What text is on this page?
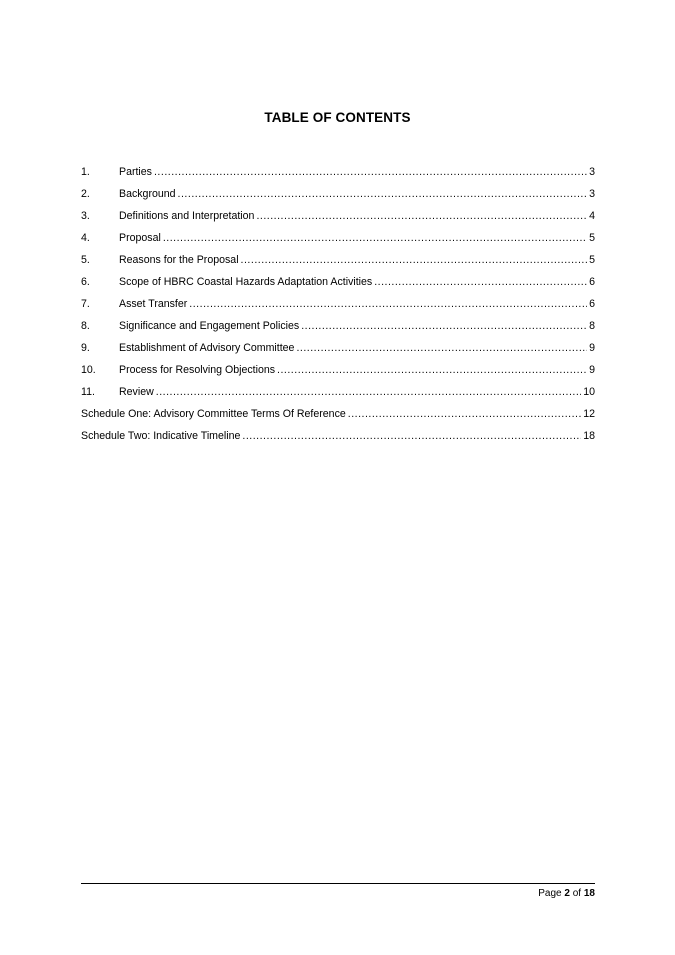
TABLE OF CONTENTS
1.	Parties .....	3
2.	Background .....	3
3.	Definitions and Interpretation .....	4
4.	Proposal .....	5
5.	Reasons for the Proposal .....	5
6.	Scope of HBRC Coastal Hazards Adaptation Activities .....	6
7.	Asset Transfer .....	6
8.	Significance and Engagement Policies .....	8
9.	Establishment of Advisory Committee .....	9
10.	Process for Resolving Objections .....	9
11.	Review .....	10
Schedule One: Advisory Committee Terms Of Reference .....	12
Schedule Two: Indicative Timeline .....	18
Page 2 of 18
